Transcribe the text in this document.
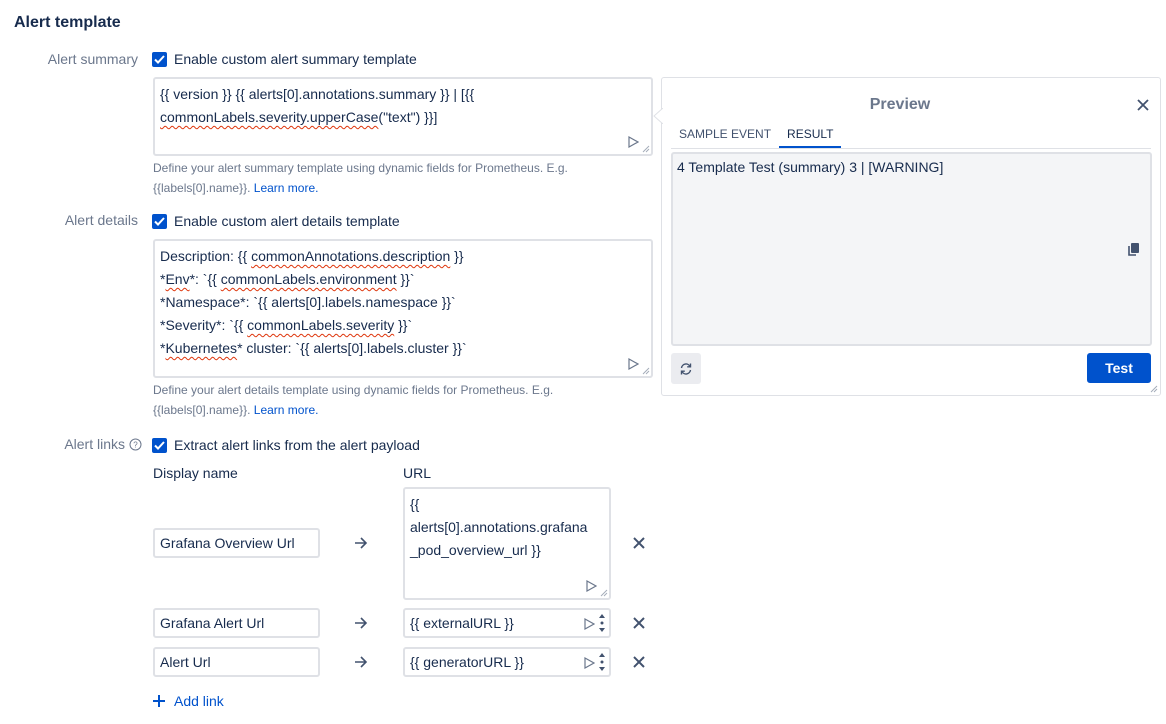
Alert template
Alert summary	Enable custom alert summary template
{{ version }} {{ alerts[0].annotations.summary }} | [{{
commonLabels.severity.upperCase("text") }}]
Define your alert summary template using dynamic fields for Prometheus. E.g.
{{labels[0].name}}. Learn more.
Alert details	Enable custom alert details template
Description: {{ commonAnnotations.description }}
*Env*: `{{ commonLabels.environment }}`
*Namespace*: `{{ alerts[0].labels.namespace }}`
*Severity*: `{{ commonLabels.severity }}`
*Kubernetes* cluster: `{{ alerts[0].labels.cluster }}`
Define your alert details template using dynamic fields for Prometheus. E.g.
{{labels[0].name}}. Learn more.
Alert links ?	Extract alert links from the alert payload
Display name	URL
Grafana Overview Url
{{
alerts[0].annotations.grafana
_pod_overview_url }}
Grafana Alert Url	{{ externalURL }}
Alert Url	{{ generatorURL }}
Add link
Preview
SAMPLE EVENT	RESULT
4 Template Test (summary) 3 | [WARNING]
Test
